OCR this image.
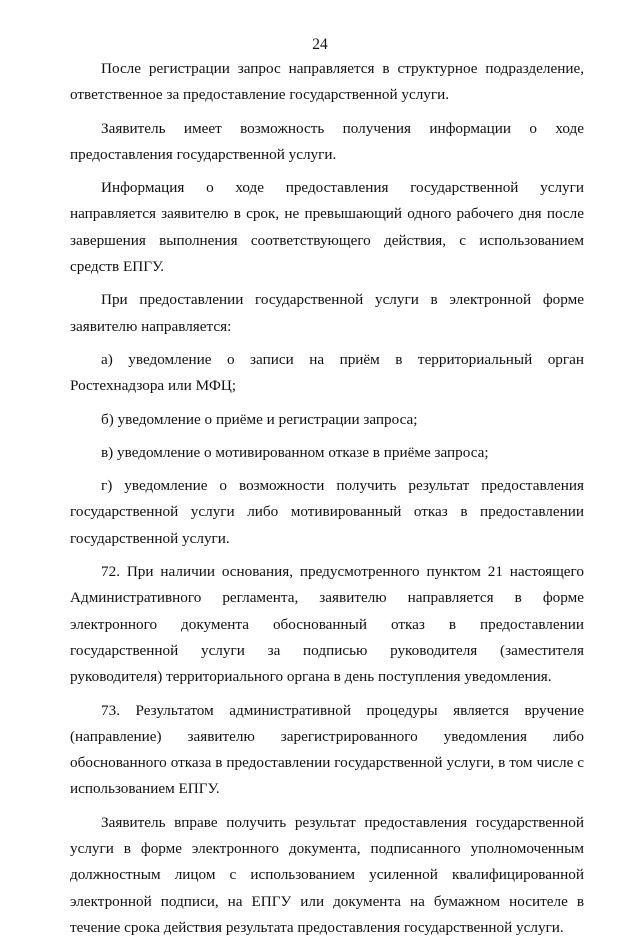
24

После регистрации запрос направляется в структурное подразделение, ответственное за предоставление государственной услуги.

Заявитель имеет возможность получения информации о ходе предоставления государственной услуги.

Информация о ходе предоставления государственной услуги направляется заявителю в срок, не превышающий одного рабочего дня после завершения выполнения соответствующего действия, с использованием средств ЕПГУ.

При предоставлении государственной услуги в электронной форме заявителю направляется:

а) уведомление о записи на приём в территориальный орган Ростехнадзора или МФЦ;

б) уведомление о приёме и регистрации запроса;

в) уведомление о мотивированном отказе в приёме запроса;

г) уведомление о возможности получить результат предоставления государственной услуги либо мотивированный отказ в предоставлении государственной услуги.

72. При наличии основания, предусмотренного пунктом 21 настоящего Административного регламента, заявителю направляется в форме электронного документа обоснованный отказ в предоставлении государственной услуги за подписью руководителя (заместителя руководителя) территориального органа в день поступления уведомления.

73. Результатом административной процедуры является вручение (направление) заявителю зарегистрированного уведомления либо обоснованного отказа в предоставлении государственной услуги, в том числе с использованием ЕПГУ.

Заявитель вправе получить результат предоставления государственной услуги в форме электронного документа, подписанного уполномоченным должностным лицом с использованием усиленной квалифицированной электронной подписи, на ЕПГУ или документа на бумажном носителе в течение срока действия результата предоставления государственной услуги.
